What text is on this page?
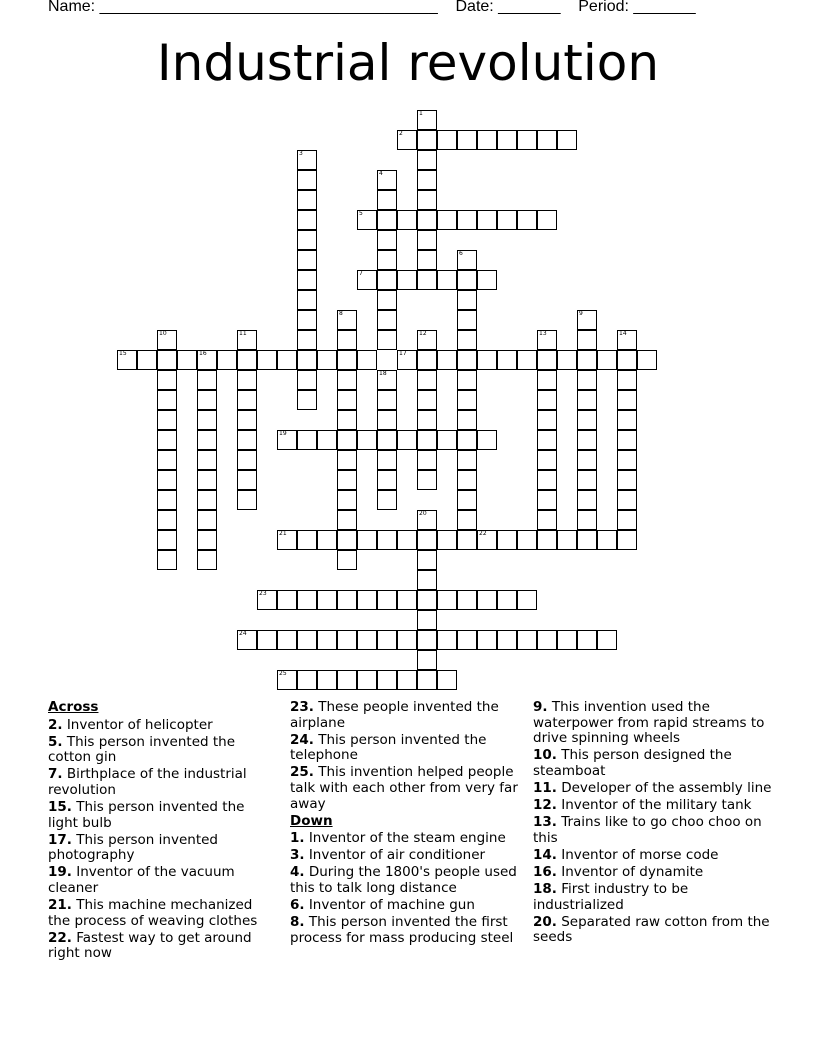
Name: ______________________________________    Date: _______    Period: _______
Industrial revolution
1
2
3
4
5
6
7
8	9
10	11	12	13	14
15	16	17
18
19
20
21	22
23
24
25
Across
2. Inventor of helicopter
5. This person invented the cotton gin
7. Birthplace of the industrial revolution
15. This person invented the light bulb
17. This person invented photography
19. Inventor of the vacuum cleaner
21. This machine mechanized the process of weaving clothes
22. Fastest way to get around right now
23. These people invented the airplane
24. This person invented the telephone
25. This invention helped people talk with each other from very far away
Down
1. Inventor of the steam engine
3. Inventor of air conditioner
4. During the 1800's people used this to talk long distance
6. Inventor of machine gun
8. This person invented the first process for mass producing steel
9. This invention used the waterpower from rapid streams to drive spinning wheels
10. This person designed the steamboat
11. Developer of the assembly line
12. Inventor of the military tank
13. Trains like to go choo choo on this
14. Inventor of morse code
16. Inventor of dynamite
18. First industry to be industrialized
20. Separated raw cotton from the seeds
